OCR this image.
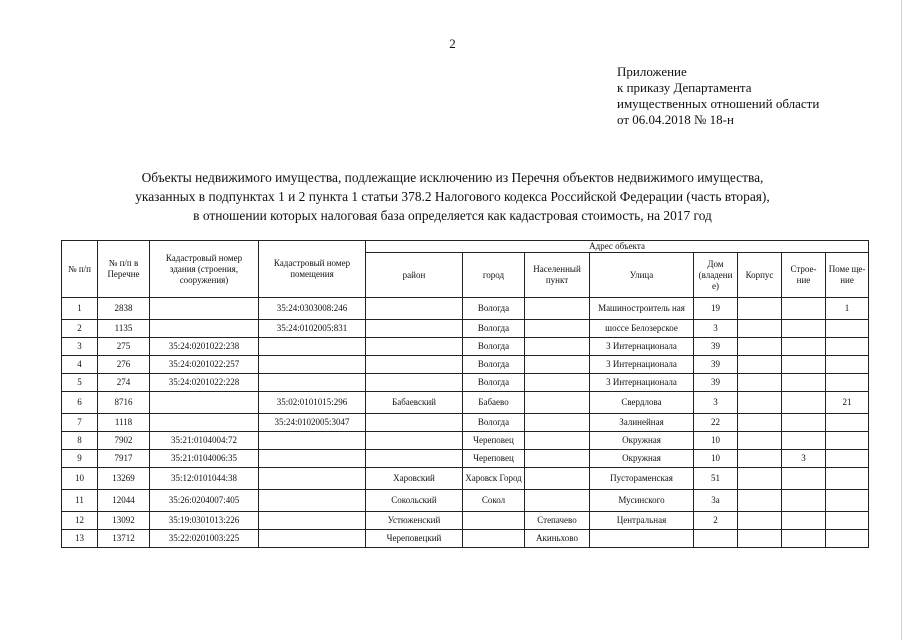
2
Приложение
к приказу Департамента
имущественных отношений области
от 06.04.2018 № 18-н
Объекты недвижимого имущества, подлежащие исключению из Перечня объектов недвижимого имущества,
указанных в подпунктах 1 и 2 пункта 1 статьи 378.2 Налогового кодекса Российской Федерации (часть вторая),
в отношении которых налоговая база определяется как кадастровая стоимость, на 2017 год
№ п/п	№ п/п в Перечне	Кадастровый номер здания (строения, сооружения)	Кадастровый номер помещения	Адрес объекта							
				район	город	Населенный пункт	Улица	Дом (владени е)	Корпус	Строе- ние	Поме ще- ние
1	2838		35:24:0303008:246		Вологда		Машиностроитель ная	19			1
2	1135		35:24:0102005:831		Вологда		шоссе Белозерское	3			
3	275	35:24:0201022:238			Вологда		3 Интернационала	39			
4	276	35:24:0201022:257			Вологда		3 Интернационала	39			
5	274	35:24:0201022:228			Вологда		3 Интернационала	39			
6	8716		35:02:0101015:296	Бабаевский	Бабаево		Свердлова	3			21
7	1118		35:24:0102005:3047		Вологда		Залинейная	22			
8	7902	35:21:0104004:72			Череповец		Окружная	10			
9	7917	35:21:0104006:35			Череповец		Окружная	10		3	
10	13269	35:12:0101044:38		Харовский	Харовск Город		Пустораменская	51			
11	12044	35:26:0204007:405		Сокольский	Сокол		Мусинского	3а			
12	13092	35:19:0301013:226		Устюженский		Степачево	Центральная	2			
13	13712	35:22:0201003:225		Череповецкий		Акиньхово					
